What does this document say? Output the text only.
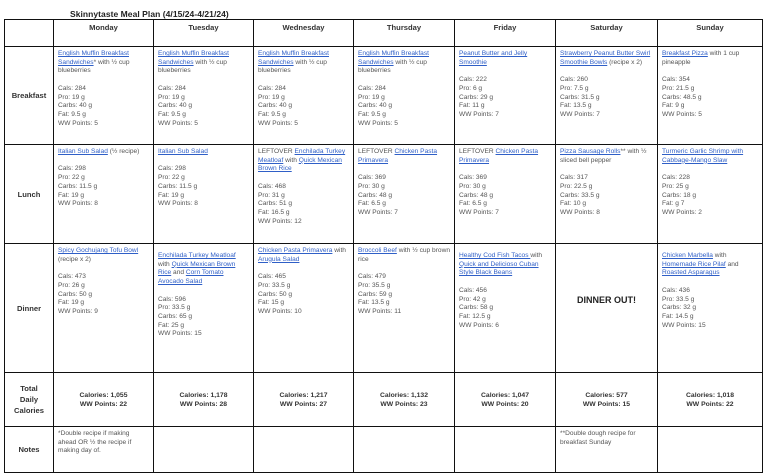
Skinnytaste Meal Plan (4/15/24-4/21/24)
	Monday	Tuesday	Wednesday	Thursday	Friday	Saturday	Sunday
Breakfast	
English Muffin Breakfast Sandwiches* with ½ cup blueberries
Cals: 284
Pro: 19 g
Carbs: 40 g
Fat: 9.5 g
WW Points: 5

English Muffin Breakfast Sandwiches with ½ cup blueberries
Cals: 284
Pro: 19 g
Carbs: 40 g
Fat: 9.5 g
WW Points: 5

English Muffin Breakfast Sandwiches with ½ cup blueberries
Cals: 284
Pro: 19 g
Carbs: 40 g
Fat: 9.5 g
WW Points: 5

English Muffin Breakfast Sandwiches with ½ cup blueberries
Cals: 284
Pro: 19 g
Carbs: 40 g
Fat: 9.5 g
WW Points: 5

Peanut Butter and Jelly Smoothie
Cals: 222
Pro: 6 g
Carbs: 29 g
Fat: 11 g
WW Points: 7

Strawberry Peanut Butter Swirl Smoothie Bowls (recipe x 2)
Cals: 260
Pro: 7.5 g
Carbs: 31.5 g
Fat: 13.5 g
WW Points: 7

Breakfast Pizza with 1 cup pineapple
Cals: 354
Pro: 21.5 g
Carbs: 48.5 g
Fat: 9 g
WW Points: 5

Lunch	
Italian Sub Salad (½ recipe)
Cals: 298
Pro: 22 g
Carbs: 11.5 g
Fat: 19 g
WW Points: 8

Italian Sub Salad
Cals: 298
Pro: 22 g
Carbs: 11.5 g
Fat: 19 g
WW Points: 8

LEFTOVER Enchilada Turkey Meatloaf with Quick Mexican Brown Rice
Cals: 468
Pro: 31 g
Carbs: 51 g
Fat: 16.5 g
WW Points: 12

LEFTOVER Chicken Pasta Primavera
Cals: 369
Pro: 30 g
Carbs: 48 g
Fat: 6.5 g
WW Points: 7

LEFTOVER Chicken Pasta Primavera
Cals: 369
Pro: 30 g
Carbs: 48 g
Fat: 6.5 g
WW Points: 7

Pizza Sausage Rolls** with ½ sliced bell pepper
Cals: 317
Pro: 22.5 g
Carbs: 33.5 g
Fat: 10 g
WW Points: 8

Turmeric Garlic Shrimp with Cabbage-Mango Slaw
Cals: 228
Pro: 25 g
Carbs: 18 g
Fat: g 7
WW Points: 2

Dinner	
Spicy Gochujang Tofu Bowl (recipe x 2)
Cals: 473
Pro: 26 g
Carbs: 50 g
Fat: 19 g
WW Points: 9

Enchilada Turkey Meatloaf with Quick Mexican Brown Rice and Corn Tomato Avocado Salad
Cals: 596
Pro: 33.5 g
Carbs: 65 g
Fat: 25 g
WW Points: 15

Chicken Pasta Primavera with Arugula Salad
Cals: 465
Pro: 33.5 g
Carbs: 50 g
Fat: 15 g
WW Points: 10

Broccoli Beef with ½ cup brown rice
Cals: 479
Pro: 35.5 g
Carbs: 59 g
Fat: 13.5 g
WW Points: 11

Healthy Cod Fish Tacos with Quick and Delicioso Cuban Style Black Beans
Cals: 456
Pro: 42 g
Carbs: 58 g
Fat: 12.5 g
WW Points: 6

DINNER OUT!

Chicken Marbella with Homemade Rice Pilaf and Roasted Asparagus
Cals: 436
Pro: 33.5 g
Carbs: 32 g
Fat: 14.5 g
WW Points: 15

Total
Daily
Calories	
Calories: 1,055
WW Points: 22

Calories: 1,178
WW Points: 28

Calories: 1,217
WW Points: 27

Calories: 1,132
WW Points: 23

Calories: 1,047
WW Points: 20

Calories: 577
WW Points: 15

Calories: 1,018
WW Points: 22

Notes	*Double recipe if making ahead OR ½ the recipe if making day of.					**Double dough recipe for breakfast Sunday	
